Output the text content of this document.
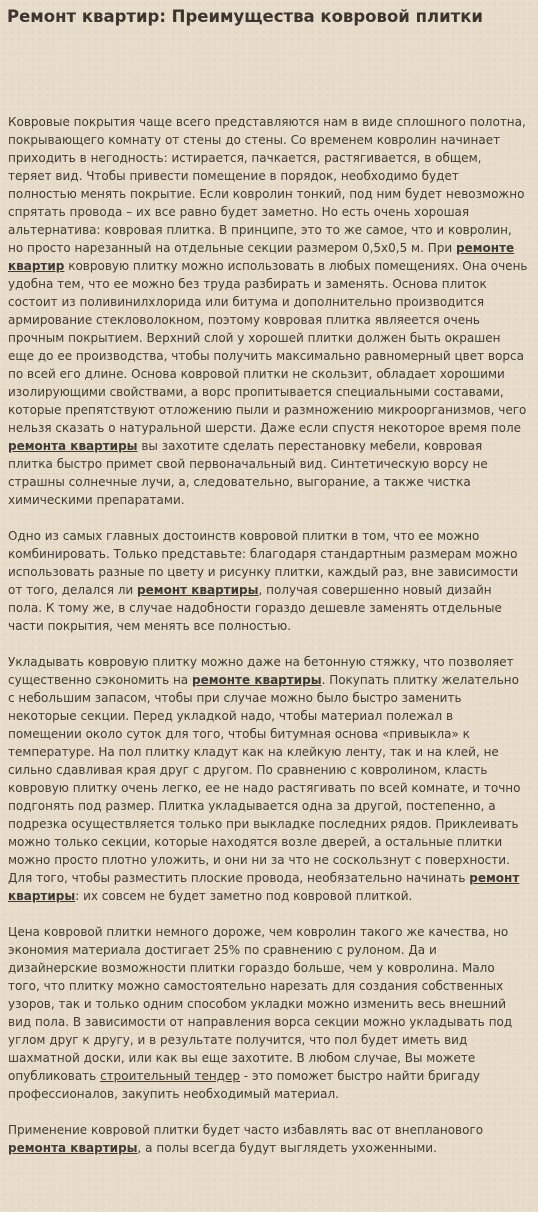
Ремонт квартир: Преимущества ковровой плитки

Ковровые покрытия чаще всего представляются нам в виде сплошного полотна, покрывающего комнату от стены до стены. Со временем ковролин начинает приходить в негодность: истирается, пачкается, растягивается, в общем, теряет вид. Чтобы привести помещение в порядок, необходимо будет полностью менять покрытие. Если ковролин тонкий, под ним будет невозможно спрятать провода – их все равно будет заметно. Но есть очень хорошая альтернатива: ковровая плитка. В принципе, это то же самое, что и ковролин, но просто нарезанный на отдельные секции размером 0,5х0,5 м. При ремонте квартир ковровую плитку можно использовать в любых помещениях. Она очень удобна тем, что ее можно без труда разбирать и заменять. Основа плиток состоит из поливинилхлорида или битума и дополнительно производится армирование стекловолокном, поэтому ковровая плитка являеется очень прочным покрытием. Верхний слой у хорошей плитки должен быть окрашен еще до ее производства, чтобы получить максимально равномерный цвет ворса по всей его длине. Основа ковровой плитки не скользит, обладает хорошими изолирующими свойствами, а ворс пропитывается специальными составами, которые препятствуют отложению пыли и размножению микроорганизмов, чего нельзя сказать о натуральной шерсти. Даже если спустя некоторое время поле ремонта квартиры вы захотите сделать перестановку мебели, ковровая плитка быстро примет свой первоначальный вид. Синтетическую ворсу не страшны солнечные лучи, а, следовательно, выгорание, а также чистка химическими препаратами.

Одно из самых главных достоинств ковровой плитки в том, что ее можно комбинировать. Только представьте: благодаря стандартным размерам можно использовать разные по цвету и рисунку плитки, каждый раз, вне зависимости от того, делался ли ремонт квартиры, получая совершенно новый дизайн пола. К тому же, в случае надобности гораздо дешевле заменять отдельные части покрытия, чем менять все полностью.

Укладывать ковровую плитку можно даже на бетонную стяжку, что позволяет существенно сэкономить на ремонте квартиры. Покупать плитку желательно с небольшим запасом, чтобы при случае можно было быстро заменить некоторые секции. Перед укладкой надо, чтобы материал полежал в помещении около суток для того, чтобы битумная основа «привыкла» к температуре. На пол плитку кладут как на клейкую ленту, так и на клей, не сильно сдавливая края друг с другом. По сравнению с ковролином, класть ковровую плитку очень легко, ее не надо растягивать по всей комнате, и точно подгонять под размер. Плитка укладывается одна за другой, постепенно, а подрезка осуществляется только при выкладке последних рядов. Приклеивать можно только секции, которые находятся возле дверей, а остальные плитки можно просто плотно уложить, и они ни за что не соскользнут с поверхности. Для того, чтобы разместить плоские провода, необязательно начинать ремонт квартиры: их совсем не будет заметно под ковровой плиткой.

Цена ковровой плитки немного дороже, чем ковролин такого же качества, но экономия материала достигает 25% по сравнению с рулоном. Да и дизайнерские возможности плитки гораздо больше, чем у ковролина. Мало того, что плитку можно самостоятельно нарезать для создания собственных узоров, так и только одним способом укладки можно изменить весь внешний вид пола. В зависимости от направления ворса секции можно укладывать под углом друг к другу, и в результате получится, что пол будет иметь вид шахматной доски, или как вы еще захотите. В любом случае, Вы можете опубликовать строительный тендер - это поможет быстро найти бригаду профессионалов, закупить необходимый материал.

Применение ковровой плитки будет часто избавлять вас от внепланового ремонта квартиры, а полы всегда будут выглядеть ухоженными.
